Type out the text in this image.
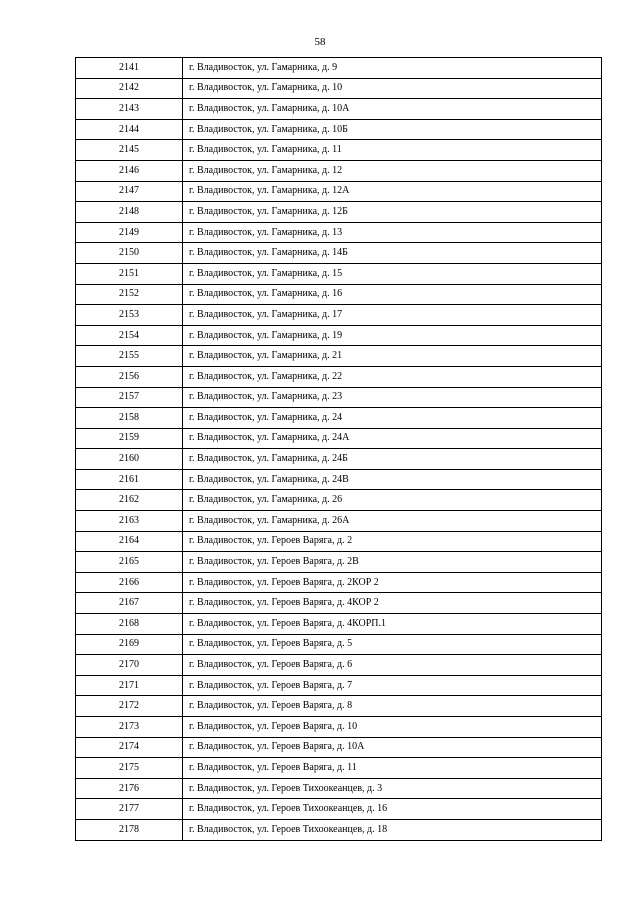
58
2141	г. Владивосток, ул. Гамарника, д. 9
2142	г. Владивосток, ул. Гамарника, д. 10
2143	г. Владивосток, ул. Гамарника, д. 10А
2144	г. Владивосток, ул. Гамарника, д. 10Б
2145	г. Владивосток, ул. Гамарника, д. 11
2146	г. Владивосток, ул. Гамарника, д. 12
2147	г. Владивосток, ул. Гамарника, д. 12А
2148	г. Владивосток, ул. Гамарника, д. 12Б
2149	г. Владивосток, ул. Гамарника, д. 13
2150	г. Владивосток, ул. Гамарника, д. 14Б
2151	г. Владивосток, ул. Гамарника, д. 15
2152	г. Владивосток, ул. Гамарника, д. 16
2153	г. Владивосток, ул. Гамарника, д. 17
2154	г. Владивосток, ул. Гамарника, д. 19
2155	г. Владивосток, ул. Гамарника, д. 21
2156	г. Владивосток, ул. Гамарника, д. 22
2157	г. Владивосток, ул. Гамарника, д. 23
2158	г. Владивосток, ул. Гамарника, д. 24
2159	г. Владивосток, ул. Гамарника, д. 24А
2160	г. Владивосток, ул. Гамарника, д. 24Б
2161	г. Владивосток, ул. Гамарника, д. 24В
2162	г. Владивосток, ул. Гамарника, д. 26
2163	г. Владивосток, ул. Гамарника, д. 26А
2164	г. Владивосток, ул. Героев Варяга, д. 2
2165	г. Владивосток, ул. Героев Варяга, д. 2В
2166	г. Владивосток, ул. Героев Варяга, д. 2КОР 2
2167	г. Владивосток, ул. Героев Варяга, д. 4КОР 2
2168	г. Владивосток, ул. Героев Варяга, д. 4КОРП.1
2169	г. Владивосток, ул. Героев Варяга, д. 5
2170	г. Владивосток, ул. Героев Варяга, д. 6
2171	г. Владивосток, ул. Героев Варяга, д. 7
2172	г. Владивосток, ул. Героев Варяга, д. 8
2173	г. Владивосток, ул. Героев Варяга, д. 10
2174	г. Владивосток, ул. Героев Варяга, д. 10А
2175	г. Владивосток, ул. Героев Варяга, д. 11
2176	г. Владивосток, ул. Героев Тихоокеанцев, д. 3
2177	г. Владивосток, ул. Героев Тихоокеанцев, д. 16
2178	г. Владивосток, ул. Героев Тихоокеанцев, д. 18
